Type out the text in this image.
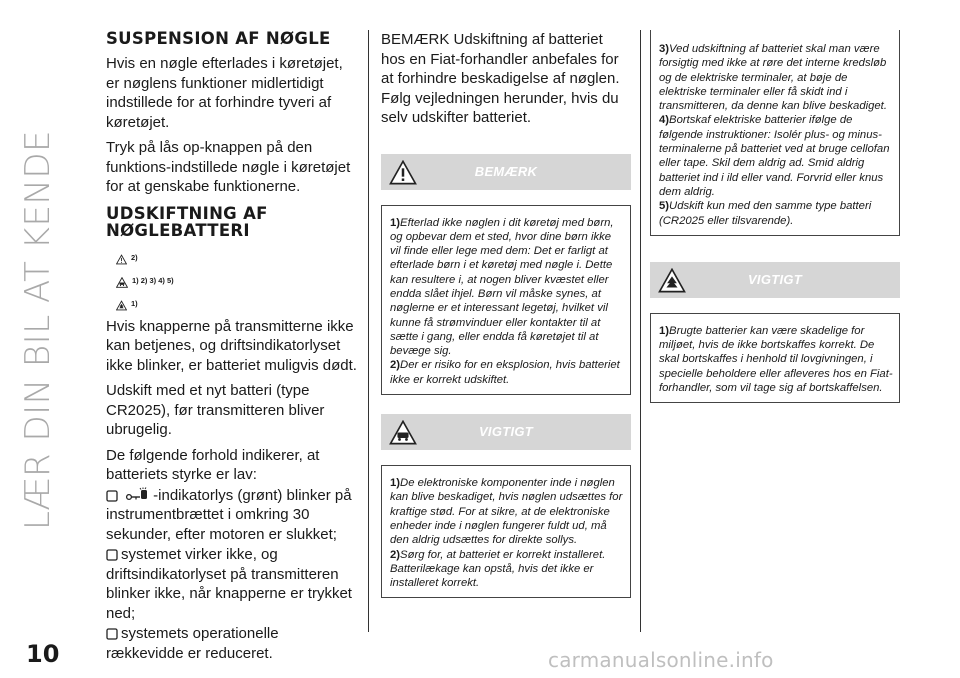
LÆR DIN BIL AT KENDE
10	carmanualsonline.info
SUSPENSION AF NØGLE
Hvis en nøgle efterlades i køretøjet, er nøglens funktioner midlertidigt indstillede for at forhindre tyveri af køretøjet.
Tryk på lås op-knappen på den funktions-indstillede nøgle i køretøjet for at genskabe funktionerne.
UDSKIFTNING AF
NØGLEBATTERI
2)
1) 2) 3) 4) 5)
1)
Hvis knapperne på transmitterne ikke kan betjenes, og driftsindikatorlyset ikke blinker, er batteriet muligvis dødt.
Udskift med et nyt batteri (type CR2025), før transmitteren bliver ubrugelig.
De følgende forhold indikerer, at batteriets styrke er lav:
-indikatorlys (grønt) blinker på instrumentbrættet i omkring 30 sekunder, efter motoren er slukket;
systemet virker ikke, og driftsindikatorlyset på transmitteren blinker ikke, når knapperne er trykket ned;
systemets operationelle rækkevidde er reduceret.
BEMÆRK Udskiftning af batteriet hos en Fiat-forhandler anbefales for at forhindre beskadigelse af nøglen. Følg vejledningen herunder, hvis du selv udskifter batteriet.
BEMÆRK
1)Efterlad ikke nøglen i dit køretøj med børn, og opbevar dem et sted, hvor dine børn ikke vil finde eller lege med dem: Det er farligt at efterlade børn i et køretøj med nøgle i. Dette kan resultere i, at nogen bliver kvæstet eller endda slået ihjel. Børn vil måske synes, at nøglerne er et interessant legetøj, hvilket vil kunne få strømvinduer eller kontakter til at sætte i gang, eller endda få køretøjet til at bevæge sig.
2)Der er risiko for en eksplosion, hvis batteriet ikke er korrekt udskiftet.
VIGTIGT
1)De elektroniske komponenter inde i nøglen kan blive beskadiget, hvis nøglen udsættes for kraftige stød. For at sikre, at de elektroniske enheder inde i nøglen fungerer fuldt ud, må den aldrig udsættes for direkte sollys.
2)Sørg for, at batteriet er korrekt installeret. Batterilækage kan opstå, hvis det ikke er installeret korrekt.
3)Ved udskiftning af batteriet skal man være forsigtig med ikke at røre det interne kredsløb og de elektriske terminaler, at bøje de elektriske terminaler eller få skidt ind i transmitteren, da denne kan blive beskadiget.
4)Bortskaf elektriske batterier ifølge de følgende instruktioner: Isolér plus- og minus-terminalerne på batteriet ved at bruge cellofan eller tape. Skil dem aldrig ad. Smid aldrig batteriet ind i ild eller vand. Forvrid eller knus dem aldrig.
5)Udskift kun med den samme type batteri (CR2025 eller tilsvarende).
VIGTIGT
1)Brugte batterier kan være skadelige for miljøet, hvis de ikke bortskaffes korrekt. De skal bortskaffes i henhold til lovgivningen, i specielle beholdere eller afleveres hos en Fiat-forhandler, som vil tage sig af bortskaffelsen.
